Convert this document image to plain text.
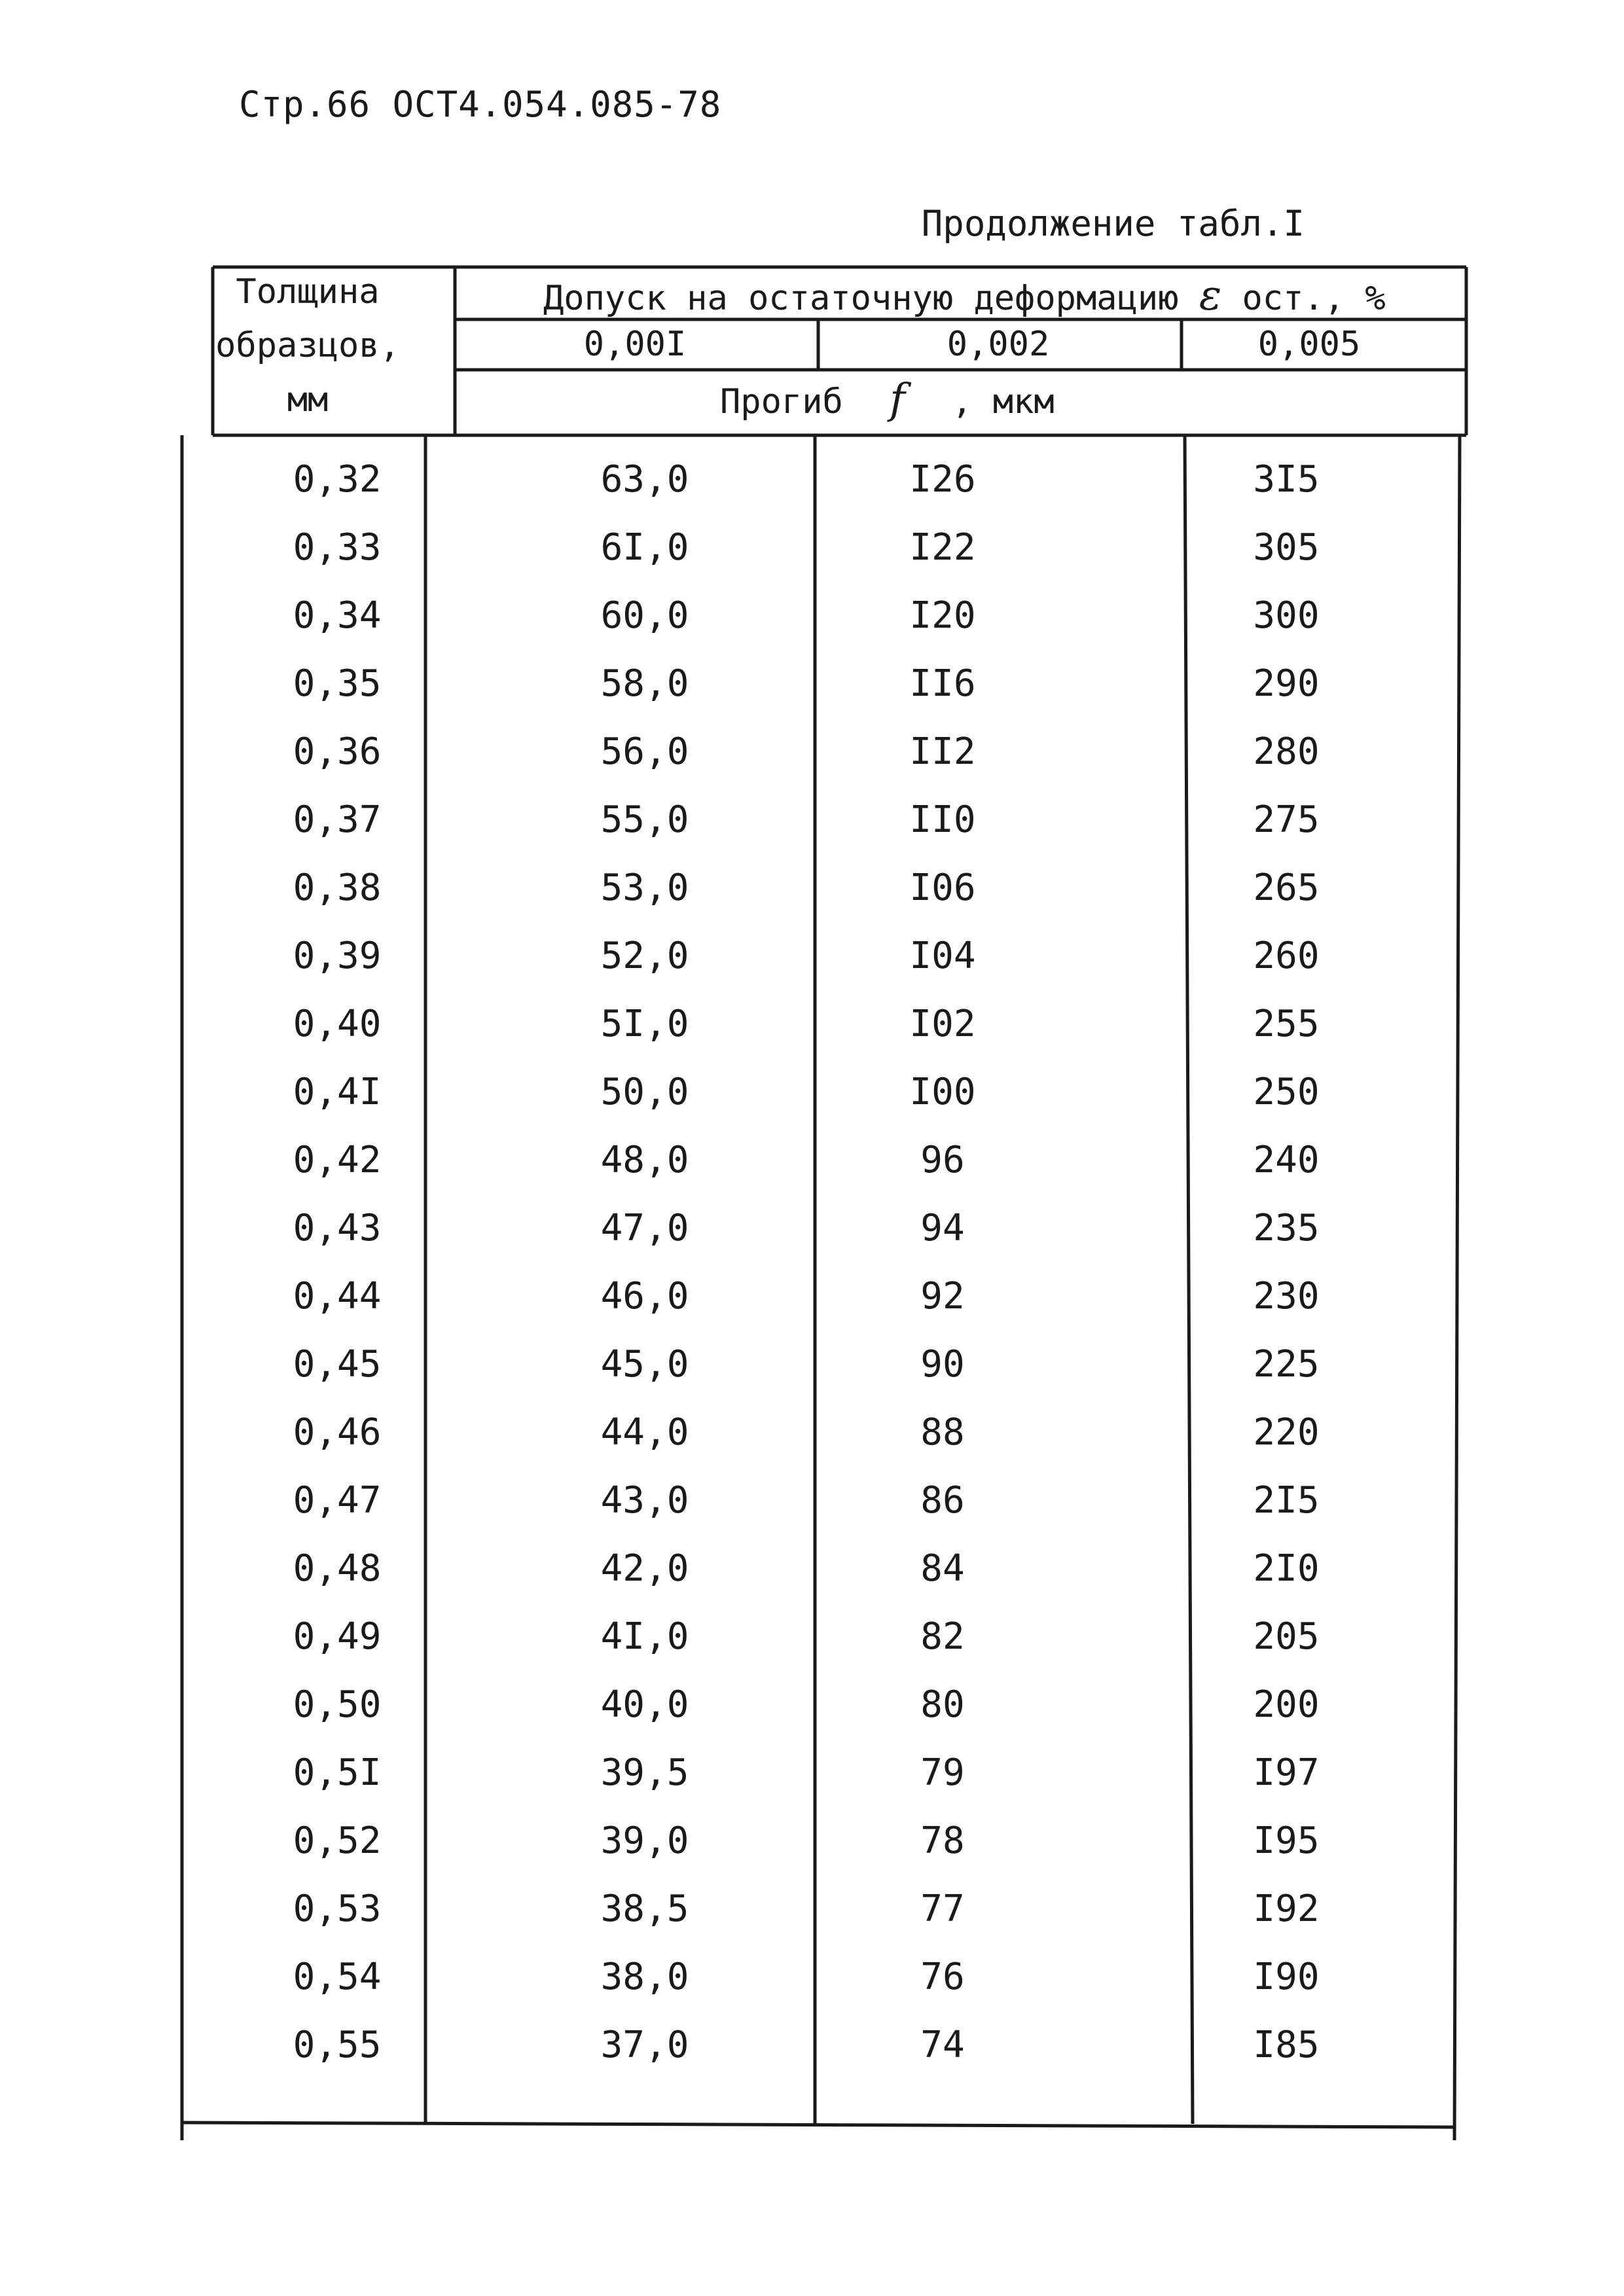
Стр.66 ОСТ4.054.085-78
Продолжение табл.I
Толщина
образцов,
мм
Допуск на остаточную деформацию ε ост., %
0,00I	0,002	0,005
Прогиб f , мкм
0,32	63,0	I26	3I5
0,33	6I,0	I22	305
0,34	60,0	I20	300
0,35	58,0	II6	290
0,36	56,0	II2	280
0,37	55,0	II0	275
0,38	53,0	I06	265
0,39	52,0	I04	260
0,40	5I,0	I02	255
0,4I	50,0	I00	250
0,42	48,0	96	240
0,43	47,0	94	235
0,44	46,0	92	230
0,45	45,0	90	225
0,46	44,0	88	220
0,47	43,0	86	2I5
0,48	42,0	84	2I0
0,49	4I,0	82	205
0,50	40,0	80	200
0,5I	39,5	79	I97
0,52	39,0	78	I95
0,53	38,5	77	I92
0,54	38,0	76	I90
0,55	37,0	74	I85
